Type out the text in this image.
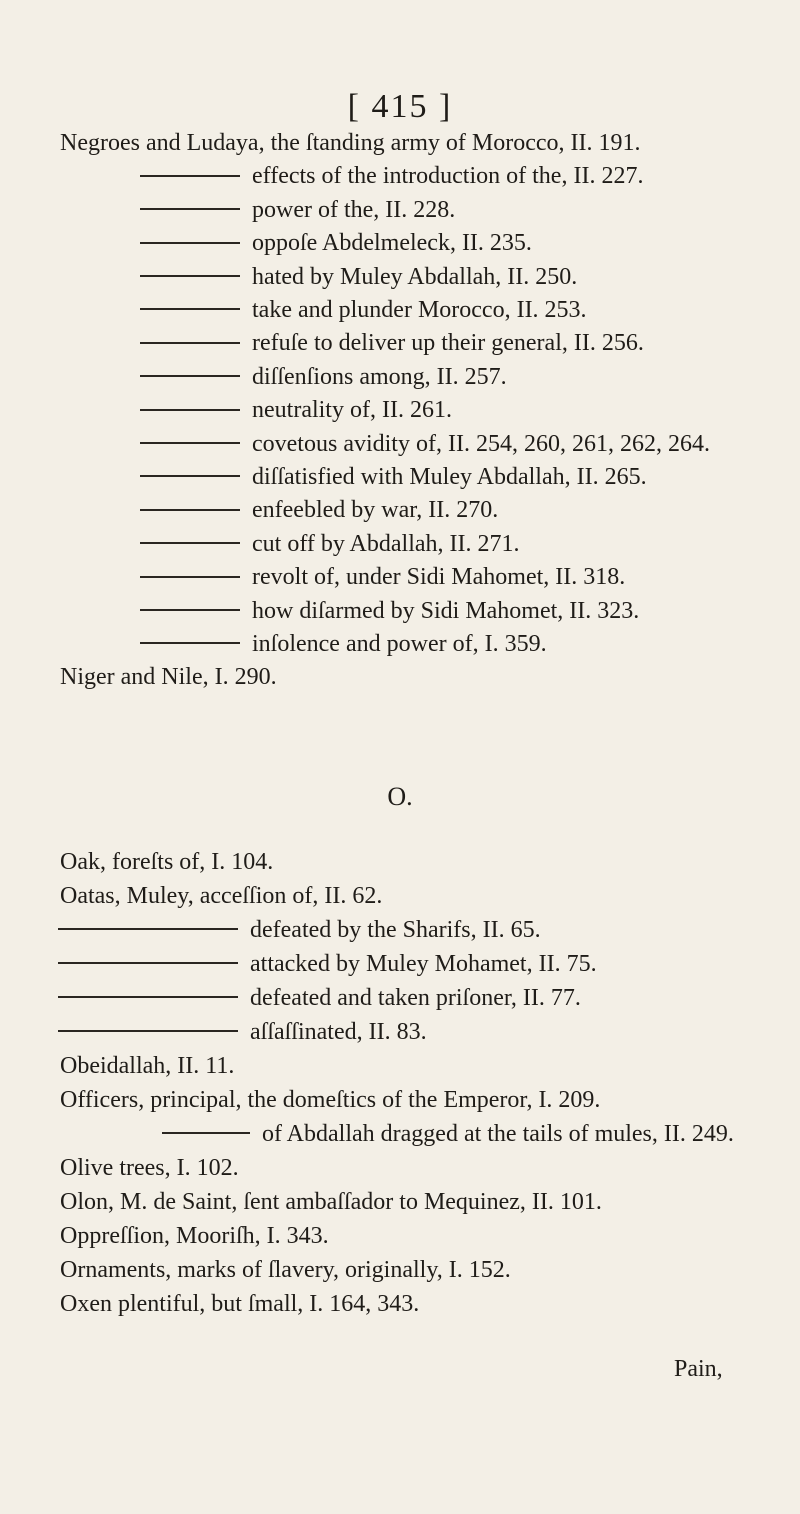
[ 415 ]
Negroes and Ludaya, the ſtanding army of Morocco, II. 191.
effects of the introduction of the, II. 227.
power of the, II. 228.
oppoſe Abdelmeleck, II. 235.
hated by Muley Abdallah, II. 250.
take and plunder Morocco, II. 253.
refuſe to deliver up their general, II. 256.
diſſenſions among, II. 257.
neutrality of, II. 261.
covetous avidity of, II. 254, 260, 261, 262, 264.
diſſatisfied with Muley Abdallah, II. 265.
enfeebled by war, II. 270.
cut off by Abdallah, II. 271.
revolt of, under Sidi Mahomet, II. 318.
how diſarmed by Sidi Mahomet, II. 323.
inſolence and power of, I. 359.
Niger and Nile, I. 290.
O.
Oak, foreſts of, I. 104.
Oatas, Muley, acceſſion of, II. 62.
defeated by the Sharifs, II. 65.
attacked by Muley Mohamet, II. 75.
defeated and taken priſoner, II. 77.
aſſaſſinated, II. 83.
Obeidallah, II. 11.
Officers, principal, the domeſtics of the Emperor, I. 209.
of Abdallah dragged at the tails of mules, II. 249.
Olive trees, I. 102.
Olon, M. de Saint, ſent ambaſſador to Mequinez, II. 101.
Oppreſſion, Mooriſh, I. 343.
Ornaments, marks of ſlavery, originally, I. 152.
Oxen plentiful, but ſmall, I. 164, 343.
Pain,
